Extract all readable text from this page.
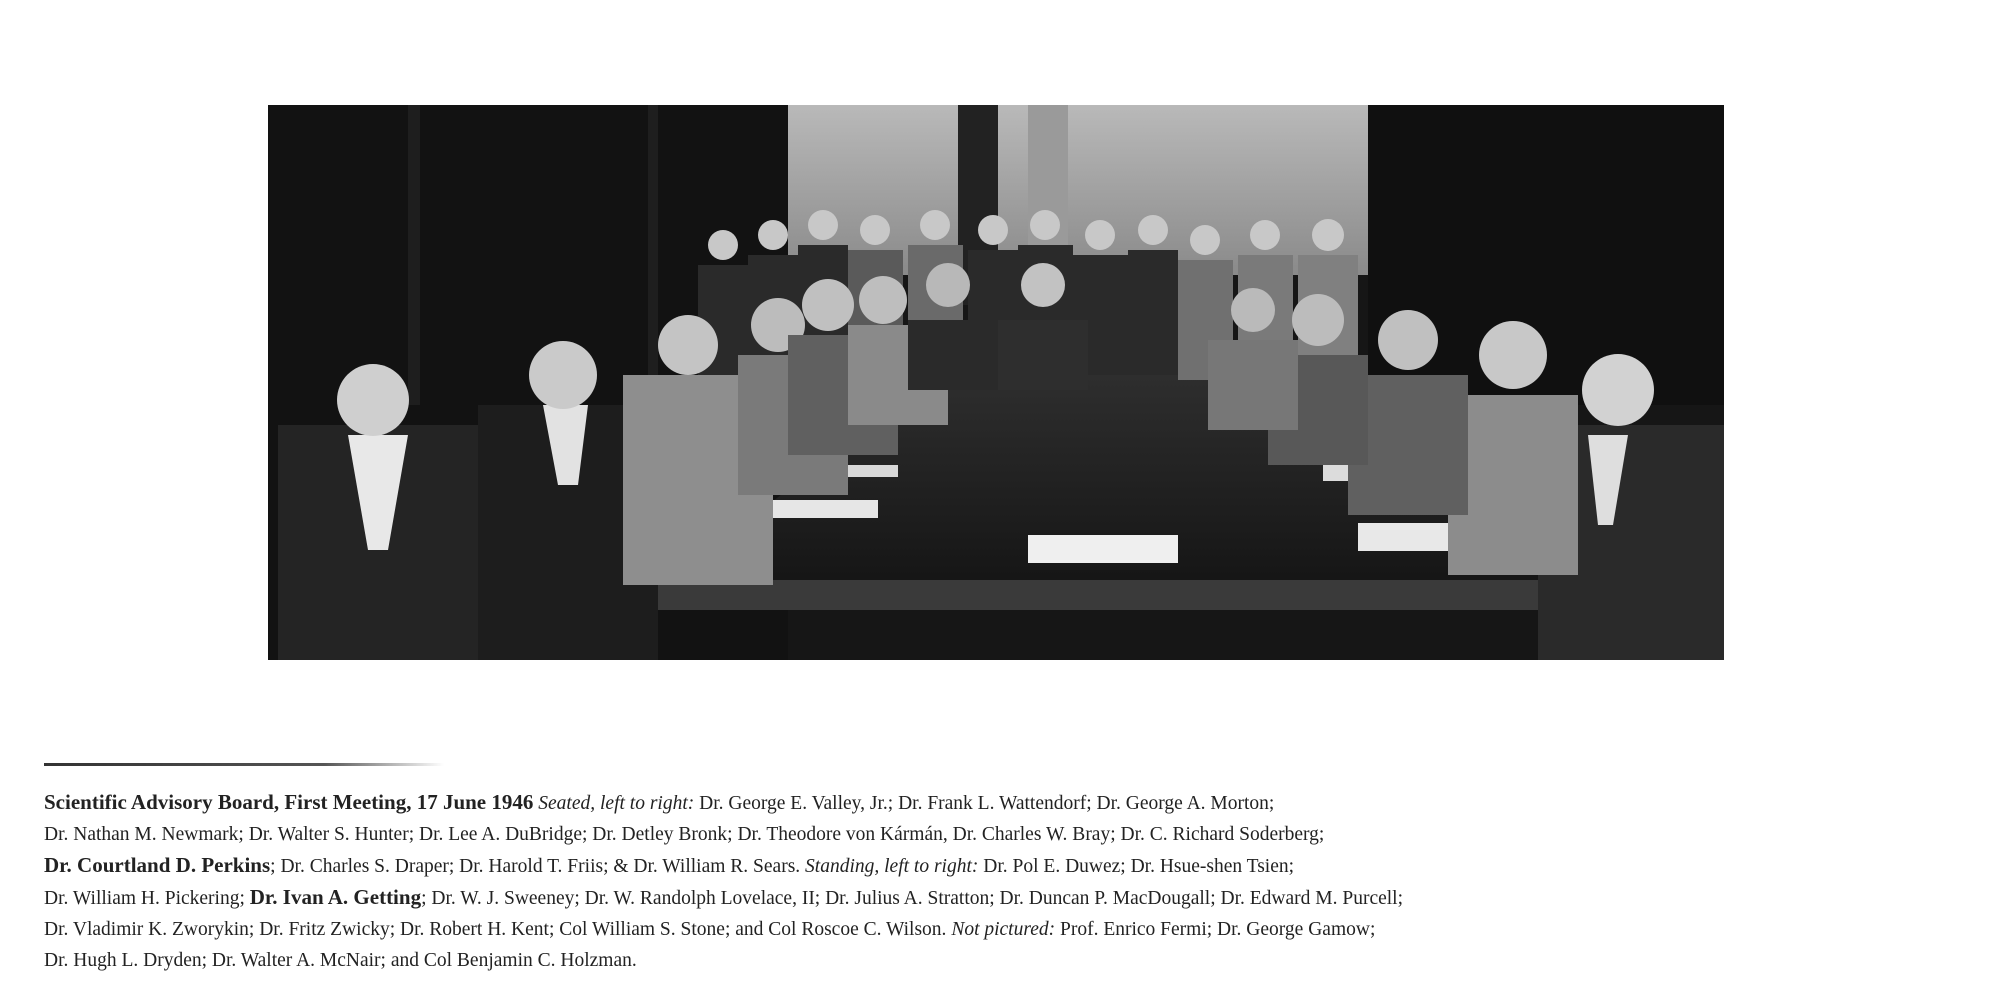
Scientific Advisory Board, First Meeting, 17 June 1946 Seated, left to right: Dr. George E. Valley, Jr.; Dr. Frank L. Wattendorf; Dr. George A. Morton;
Dr. Nathan M. Newmark; Dr. Walter S. Hunter; Dr. Lee A. DuBridge; Dr. Detley Bronk; Dr. Theodore von Kármán, Dr. Charles W. Bray; Dr. C. Richard Soderberg;
Dr. Courtland D. Perkins; Dr. Charles S. Draper; Dr. Harold T. Friis; & Dr. William R. Sears. Standing, left to right: Dr. Pol E. Duwez; Dr. Hsue-shen Tsien;
Dr. William H. Pickering; Dr. Ivan A. Getting; Dr. W. J. Sweeney; Dr. W. Randolph Lovelace, II; Dr. Julius A. Stratton; Dr. Duncan P. MacDougall; Dr. Edward M. Purcell;
Dr. Vladimir K. Zworykin; Dr. Fritz Zwicky; Dr. Robert H. Kent; Col William S. Stone; and Col Roscoe C. Wilson. Not pictured: Prof. Enrico Fermi; Dr. George Gamow;
Dr. Hugh L. Dryden; Dr. Walter A. McNair; and Col Benjamin C. Holzman.
